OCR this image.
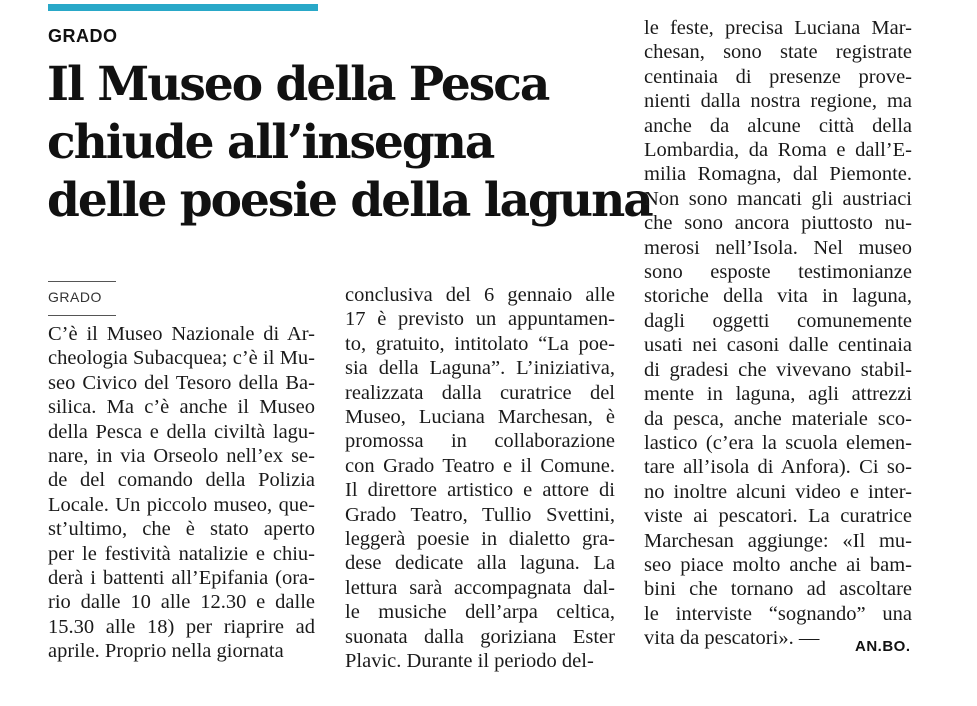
GRADO
Il Museo della Pesca
chiude all’insegna
delle poesie della laguna
GRADO
C’è il Museo Nazionale di Ar-
cheologia Subacquea; c’è il Mu-
seo Civico del Tesoro della Ba-
silica. Ma c’è anche il Museo
della Pesca e della civiltà lagu-
nare, in via Orseolo nell’ex se-
de del comando della Polizia
Locale. Un piccolo museo, que-
st’ultimo, che è stato aperto
per le festività natalizie e chiu-
derà i battenti all’Epifania (ora-
rio dalle 10 alle 12.30 e dalle
15.30 alle 18) per riaprire ad
aprile. Proprio nella giornata
conclusiva del 6 gennaio alle
17 è previsto un appuntamen-
to, gratuito, intitolato “La poe-
sia della Laguna”. L’iniziativa,
realizzata dalla curatrice del
Museo, Luciana Marchesan, è
promossa in collaborazione
con Grado Teatro e il Comune.
Il direttore artistico e attore di
Grado Teatro, Tullio Svettini,
leggerà poesie in dialetto gra-
dese dedicate alla laguna. La
lettura sarà accompagnata dal-
le musiche dell’arpa celtica,
suonata dalla goriziana Ester
Plavic. Durante il periodo del-
le feste, precisa Luciana Mar-
chesan, sono state registrate
centinaia di presenze prove-
nienti dalla nostra regione, ma
anche da alcune città della
Lombardia, da Roma e dall’E-
milia Romagna, dal Piemonte.
Non sono mancati gli austriaci
che sono ancora piuttosto nu-
merosi nell’Isola. Nel museo
sono esposte testimonianze
storiche della vita in laguna,
dagli oggetti comunemente
usati nei casoni dalle centinaia
di gradesi che vivevano stabil-
mente in laguna, agli attrezzi
da pesca, anche materiale sco-
lastico (c’era la scuola elemen-
tare all’isola di Anfora). Ci so-
no inoltre alcuni video e inter-
viste ai pescatori. La curatrice
Marchesan aggiunge: «Il mu-
seo piace molto anche ai bam-
bini che tornano ad ascoltare
le interviste “sognando” una
vita da pescatori». —	AN.BO.
